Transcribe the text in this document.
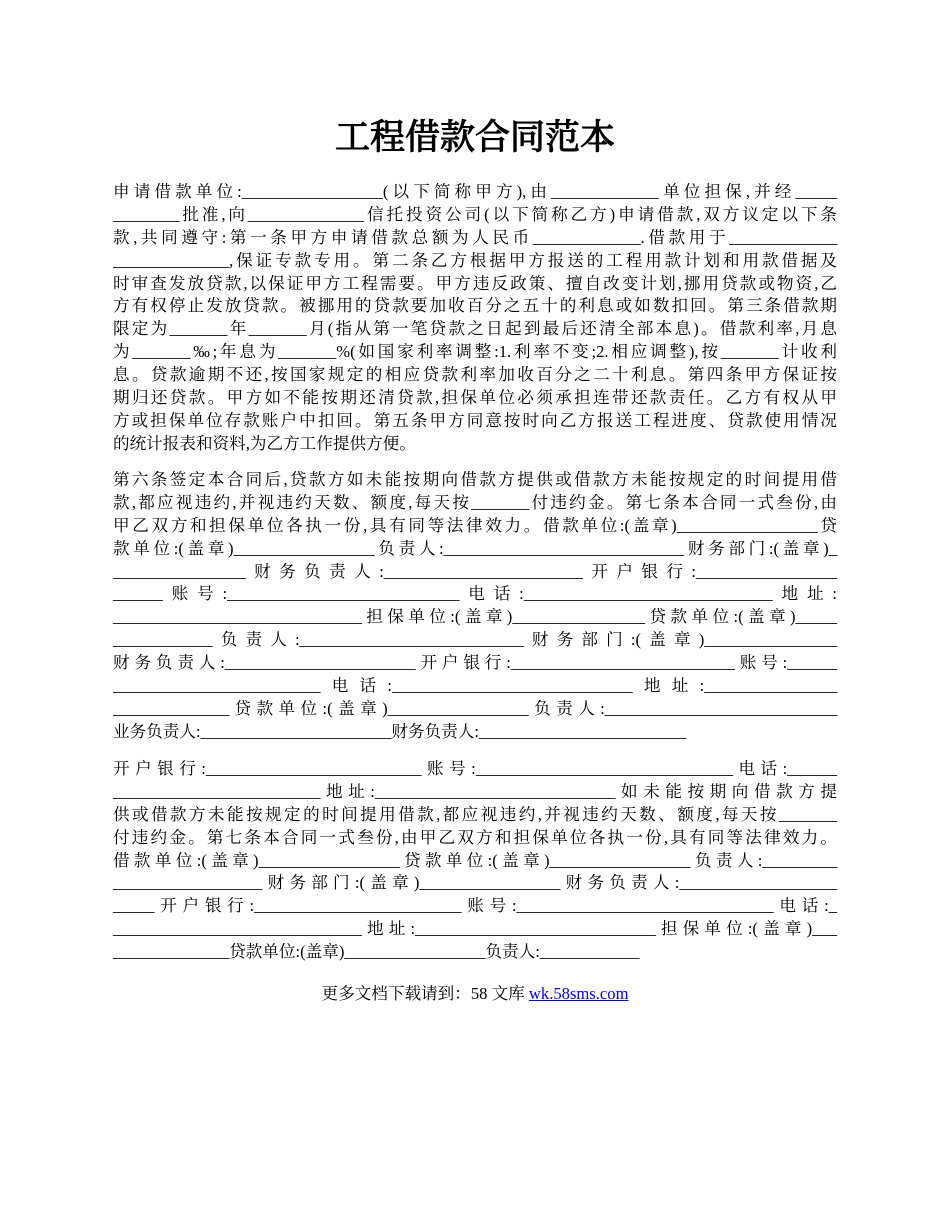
工程借款合同范本
申请借款单位:_________________(以下简称甲方),由_____________单位担保,并经_____
________批准,向______________信托投资公司(以下简称乙方)申请借款,双方议定以下条
款,共同遵守:第一条甲方申请借款总额为人民币_____________.借款用于_____________
______________,保证专款专用。第二条乙方根据甲方报送的工程用款计划和用款借据及
时审查发放贷款,以保证甲方工程需要。甲方违反政策、擅自改变计划,挪用贷款或物资,乙
方有权停止发放贷款。被挪用的贷款要加收百分之五十的利息或如数扣回。第三条借款期
限定为_______年_______月(指从第一笔贷款之日起到最后还清全部本息)。借款利率,月息
为_______‰;年息为_______%(如国家利率调整:1.利率不变;2.相应调整),按_______计收利
息。贷款逾期不还,按国家规定的相应贷款利率加收百分之二十利息。第四条甲方保证按
期归还贷款。甲方如不能按期还清贷款,担保单位必须承担连带还款责任。乙方有权从甲
方或担保单位存款账户中扣回。第五条甲方同意按时向乙方报送工程进度、贷款使用情况
的统计报表和资料,为乙方工作提供方便。
第六条签定本合同后,贷款方如未能按期向借款方提供或借款方未能按规定的时间提用借
款,都应视违约,并视违约天数、额度,每天按_______付违约金。第七条本合同一式叁份,由
甲乙双方和担保单位各执一份,具有同等法律效力。借款单位:(盖章)_________________贷
款单位:(盖章)_________________负责人:_____________________________财务部门:(盖章)_
________________财务负责人:________________________开户银行:_________________
______账号:____________________________电话:______________________________地址:
______________________________担保单位:(盖章)________________贷款单位:(盖章)_____
____________负责人:___________________________财务部门:(盖章)________________
财务负责人:_______________________开户银行:___________________________账号:______
_________________________电话:_____________________________地址:________________
______________贷款单位:(盖章)_________________负责人:____________________________
业务负责人:_______________________财务负责人:_________________________
开户银行:__________________________账号:_______________________________电话:______
_________________________地址:_____________________________如未能按期向借款方提
供或借款方未能按规定的时间提用借款,都应视违约,并视违约天数、额度,每天按_______
付违约金。第七条本合同一式叁份,由甲乙双方和担保单位各执一份,具有同等法律效力。
借款单位:(盖章)_________________贷款单位:(盖章)_________________负责人:_________
__________________财务部门:(盖章)_________________财务负责人:___________________
_____开户银行:_________________________账号:_______________________________电话:_
______________________________地址:_____________________________担保单位:(盖章)___
______________贷款单位:(盖章)_________________负责人:____________
更多文档下载请到：58 文库 wk.58sms.com
